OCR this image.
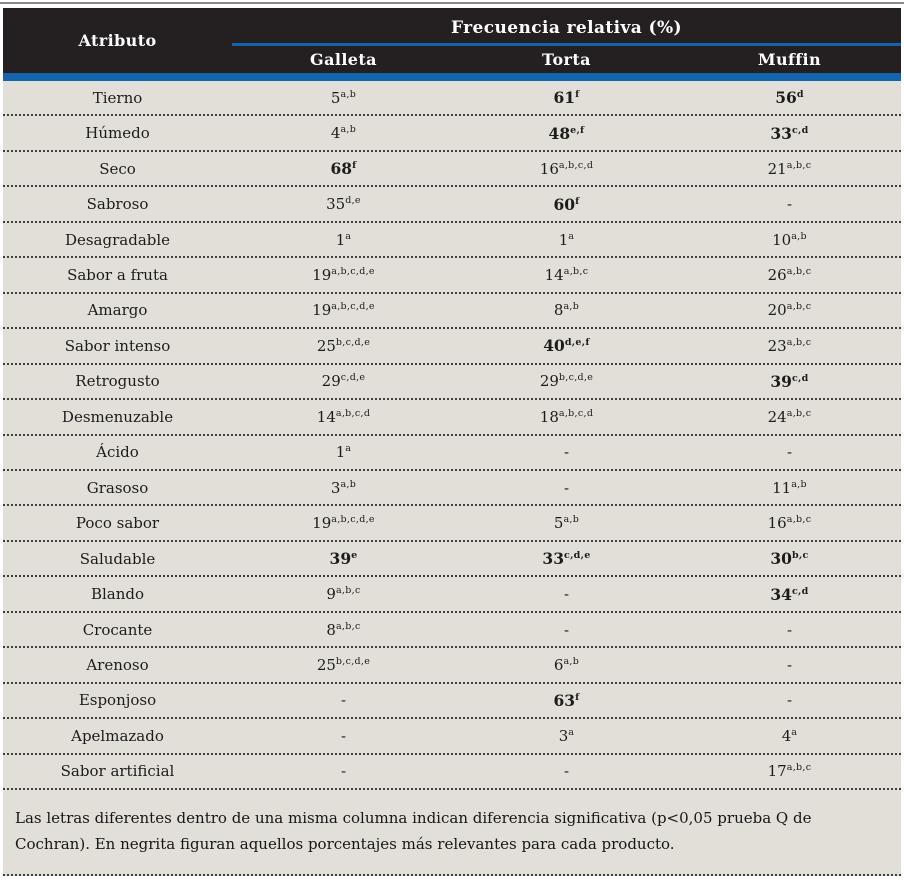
Atributo
Frecuencia relativa (%)
Galleta	Torta	Muffin
Tierno	5$^{a,b}$	61$^f$	56$^d$
Húmedo	4$^{a,b}$	48$^{e,f}$	33$^{c,d}$
Seco	68$^f$	16$^{a,b,c,d}$	21$^{a,b,c}$
Sabroso	35$^{d,e}$	60$^f$	-
Desagradable	1$^a$	1$^a$	10$^{a,b}$
Sabor a fruta	19$^{a,b,c,d,e}$	14$^{a,b,c}$	26$^{a,b,c}$
Amargo	19$^{a,b,c,d,e}$	8$^{a,b}$	20$^{a,b,c}$
Sabor intenso	25$^{b,c,d,e}$	40$^{d,e,f}$	23$^{a,b,c}$
Retrogusto	29$^{c,d,e}$	29$^{b,c,d,e}$	39$^{c,d}$
Desmenuzable	14$^{a,b,c,d}$	18$^{a,b,c,d}$	24$^{a,b,c}$
Ácido	1$^a$	-	-
Grasoso	3$^{a,b}$	-	11$^{a,b}$
Poco sabor	19$^{a,b,c,d,e}$	5$^{a,b}$	16$^{a,b,c}$
Saludable	39e	33$^{c,d,e}$	30$^{b,c}$
Blando	9$^{a,b,c}$	-	34$^{c,d}$
Crocante	8$^{a,b,c}$	-	-
Arenoso	25$^{b,c,d,e}$	6$^{a,b}$	-
Esponjoso	-	63$^f$	-
Apelmazado	-	3$^a$	4$^a$
Sabor artificial	-	-	17$^{a,b,c}$
Las letras diferentes dentro de una misma columna indican diferencia significativa (p<0,05 prueba Q de Cochran). En negrita figuran aquellos porcentajes más relevantes para cada producto.
